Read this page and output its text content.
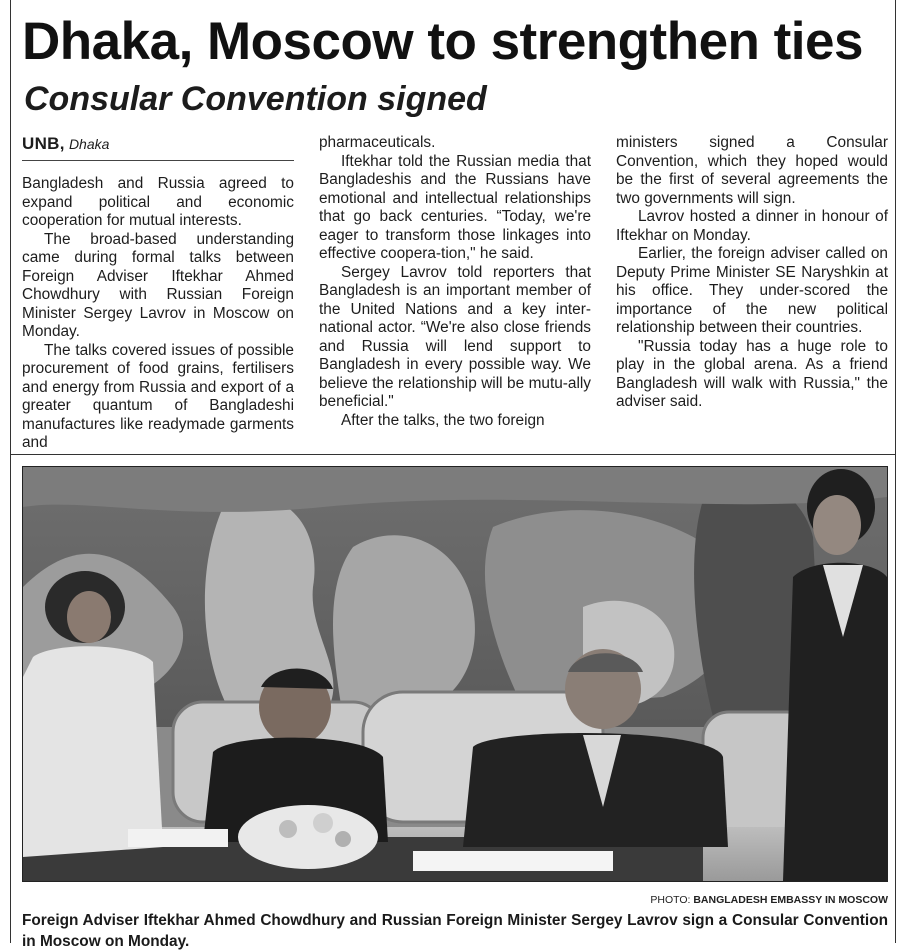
Dhaka, Moscow to strengthen ties
Consular Convention signed
UNB, Dhaka

Bangladesh and Russia agreed to expand political and economic cooperation for mutual interests.

The broad-based understanding came during formal talks between Foreign Adviser Iftekhar Ahmed Chowdhury with Russian Foreign Minister Sergey Lavrov in Moscow on Monday.

The talks covered issues of possible procurement of food grains, fertilisers and energy from Russia and export of a greater quantum of Bangladeshi manufactures like readymade garments and

pharmaceuticals.

Iftekhar told the Russian media that Bangladeshis and the Russians have emotional and intellectual relationships that go back centuries. “Today, we're eager to transform those linkages into effective coopera-tion," he said.

Sergey Lavrov told reporters that Bangladesh is an important member of the United Nations and a key inter-national actor. “We're also close friends and Russia will lend support to Bangladesh in every possible way. We believe the relationship will be mutu-ally beneficial."

After the talks, the two foreign

ministers signed a Consular Convention, which they hoped would be the first of several agreements the two governments will sign.

Lavrov hosted a dinner in honour of Iftekhar on Monday.

Earlier, the foreign adviser called on Deputy Prime Minister SE Naryshkin at his office. They under-scored the importance of the new political relationship between their countries.

"Russia today has a huge role to play in the global arena. As a friend Bangladesh will walk with Russia," the adviser said.

PHOTO: BANGLADESH EMBASSY IN MOSCOW
Foreign Adviser Iftekhar Ahmed Chowdhury and Russian Foreign Minister Sergey Lavrov sign a Consular Convention in Moscow on Monday.
